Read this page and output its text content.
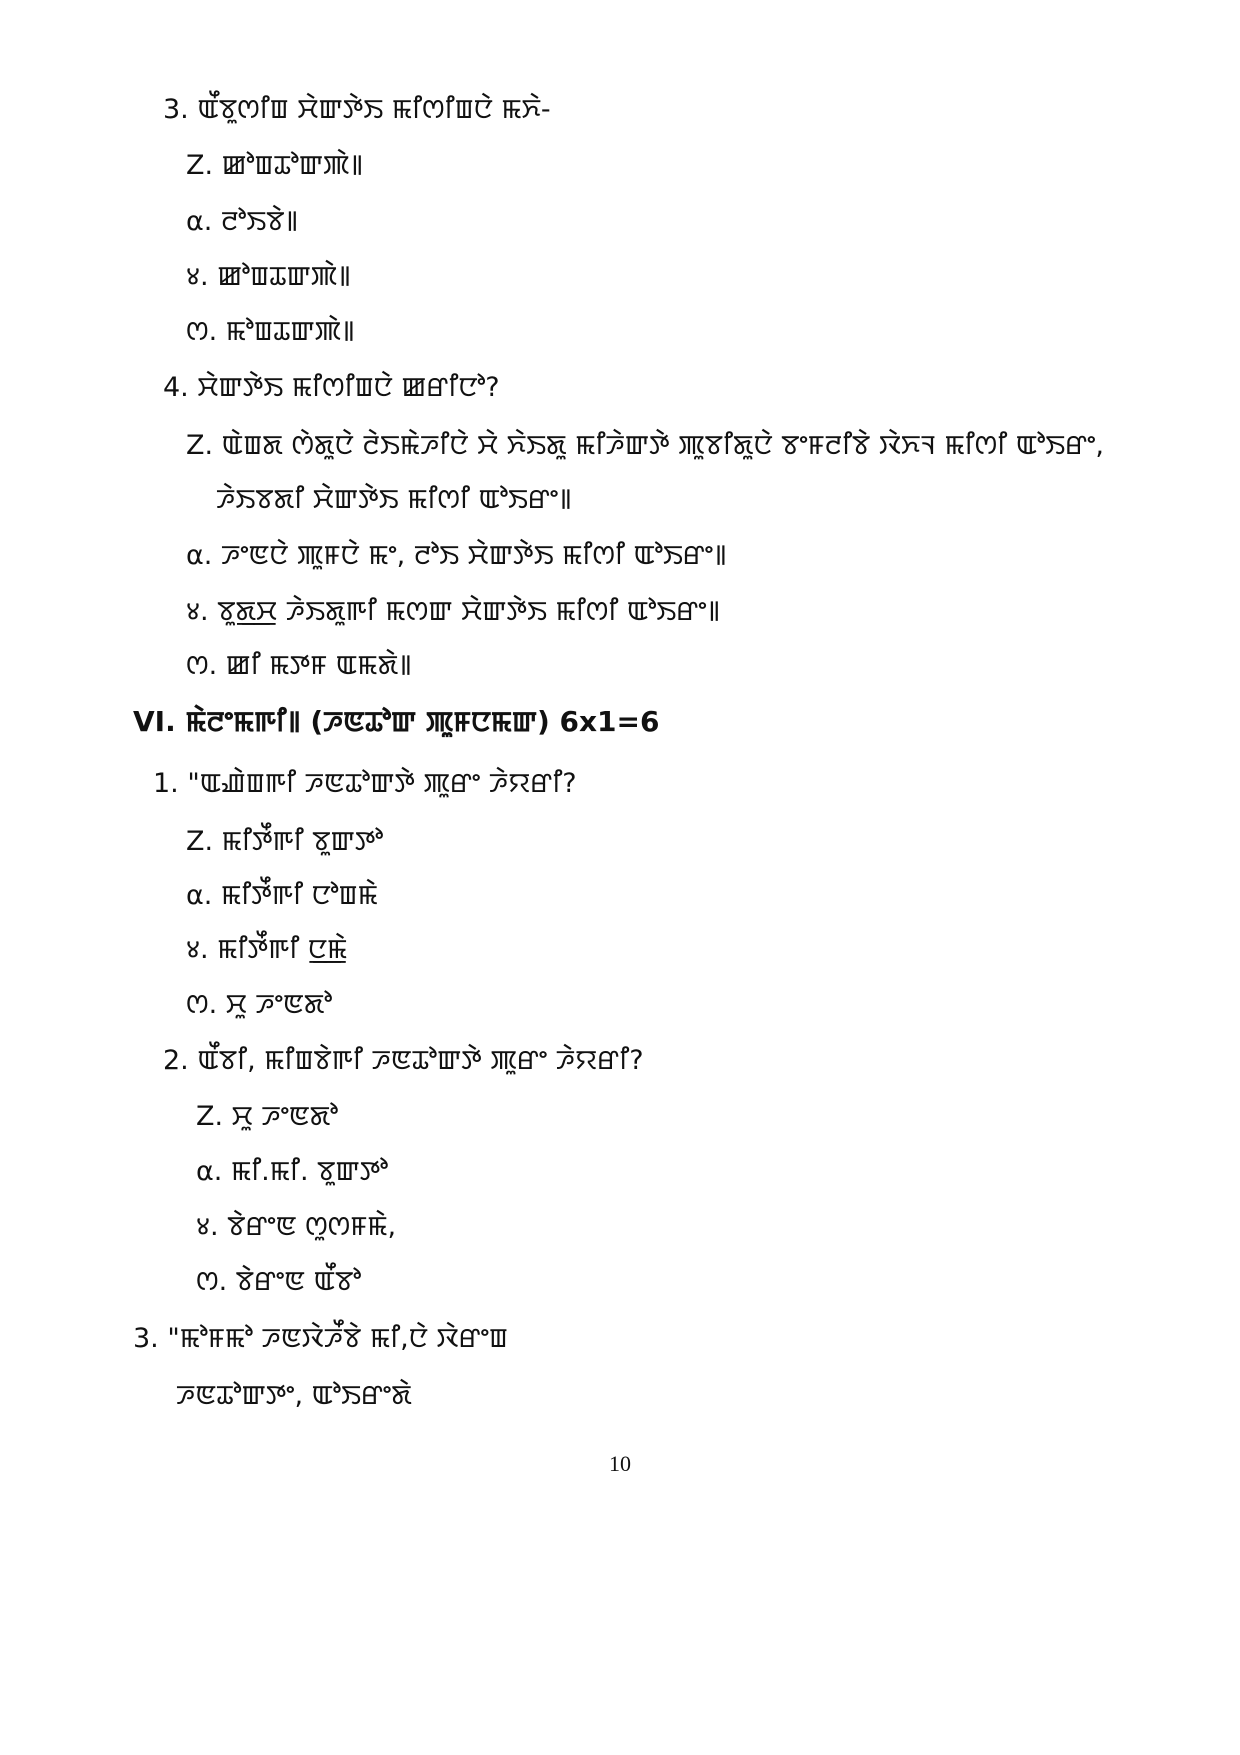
3. ꯑꯩꯕꯨꯁꯤꯡ ꯆꯥꯛꯇꯥꯏ ꯃꯤꯁꯤꯡꯅꯥ ꯃꯈꯥ-
Z. ꯀꯣꯡꯊꯣꯛꯄꯥ꯫
α. ꯂꯣꯏꯕꯥ꯫
४. ꯀꯣꯡꯊꯛꯄꯥ꯫
ꯁ. ꯃꯣꯡꯊꯛꯄꯥ꯫
4. ꯆꯥꯛꯇꯥꯏ ꯃꯤꯁꯤꯡꯅꯥ ꯀꯔꯤꯅꯣ?
Z. ꯑꯥꯡꯗ ꯁꯥꯗꯨꯅꯥ ꯂꯥꯏꯃꯥꯍꯤꯅꯥ ꯆꯥ ꯈꯥꯏꯗꯨ ꯃꯤꯍꯥꯛꯇꯥ ꯄꯨꯕꯤꯗꯨꯅꯥ ꯕꯦꯝꯂꯤꯕꯥ ꯋꯥꯈꯜ ꯃꯤꯁꯤ ꯑꯣꯏꯔꯦ,
ꯍꯥꯏꯕꯗꯤ ꯆꯥꯛꯇꯥꯏ ꯃꯤꯁꯤ ꯑꯣꯏꯔꯦ꯫
α. ꯍꯦꯟꯅꯥ ꯄꯨꯝꯅꯥ ꯃꯦ, ꯂꯣꯏ ꯆꯥꯛꯇꯥꯏ ꯃꯤꯁꯤ ꯑꯣꯏꯔꯦ꯫
४. ꯕꯨꯗ꯭ꯆ ꯍꯥꯏꯗꯨꯒꯤ ꯃꯁꯛ ꯆꯥꯛꯇꯥꯏ ꯃꯤꯁꯤ ꯑꯣꯏꯔꯦ꯫
ꯁ. ꯀꯤ ꯃꯇꯝ ꯑꯃꯗꯥ꯫
VI. ꯃꯥꯂꯦꯃꯒꯤ꯫ (ꯍꯟꯊꯣꯛ ꯄꯨꯝꯅꯃꯛ) 6x1=6
1. "ꯑꯉꯥꯡꯒꯤ ꯍꯟꯊꯣꯛꯇꯥ ꯄꯨꯔꯦ ꯍꯥꯌꯔꯤ?
Z. ꯃꯤꯇꯩꯒꯤ ꯕꯨꯛꯇꯣ
α. ꯃꯤꯇꯩꯒꯤ ꯅꯣꯡꯃꯥ
४. ꯃꯤꯇꯩꯒꯤ ꯅ꯭ꯃꯥ
ꯁ. ꯆꯨ ꯍꯦꯟꯗꯣ
2. ꯑꯩꯕꯤ, ꯃꯤꯡꯕꯥꯒꯤ ꯍꯟꯊꯣꯛꯇꯥ ꯄꯨꯔꯦ ꯍꯥꯌꯔꯤ?
Z. ꯆꯨ ꯍꯦꯟꯗꯣ
α. ꯃꯤ.ꯃꯤ. ꯕꯨꯛꯇꯣ
४. ꯕꯥꯔꯦꯟ ꯁꯨꯁꯝꯃꯥ,
ꯁ. ꯕꯥꯔꯦꯟ ꯑꯩꯕꯣ
3. "ꯃꯣꯝꯃꯣ ꯍꯟꯋꯥꯍꯩꯕꯥ ꯃꯤ,ꯅꯥ ꯋꯥꯔꯦꯡ
ꯍꯟꯊꯣꯛꯇꯦ, ꯑꯣꯏꯔꯦꯗꯥ
10
